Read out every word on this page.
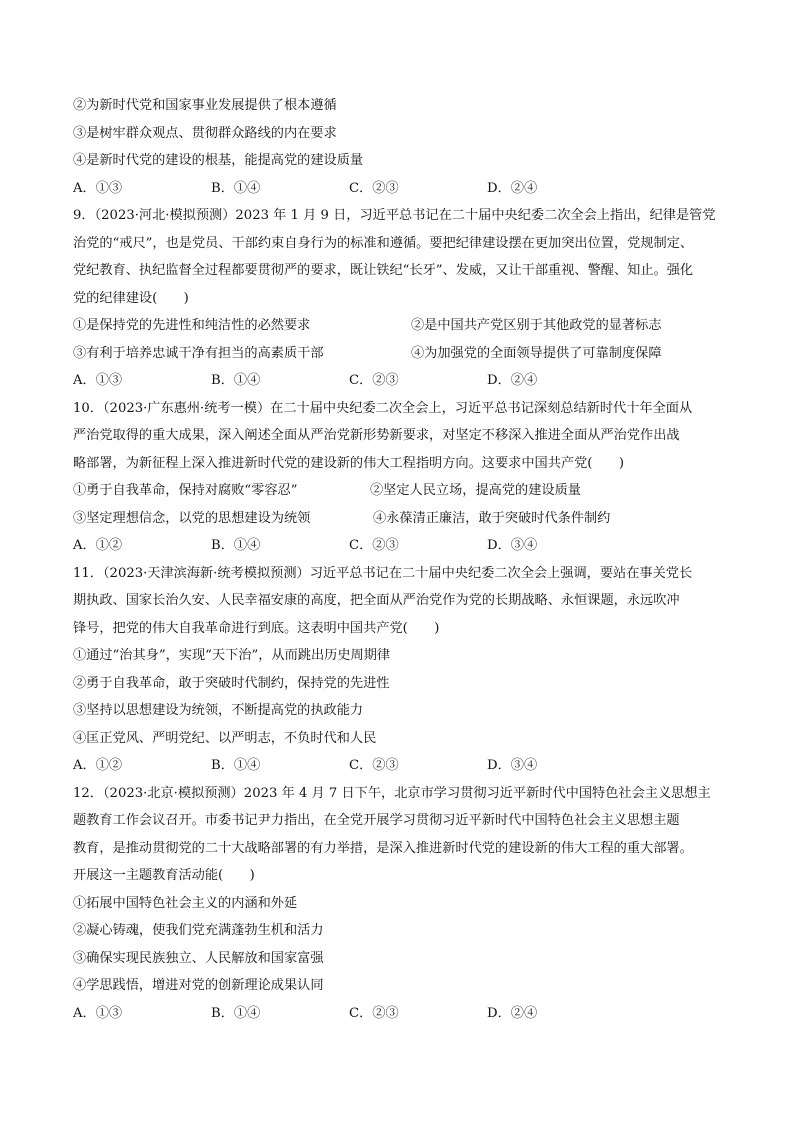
②为新时代党和国家事业发展提供了根本遵循
③是树牢群众观点、贯彻群众路线的内在要求
④是新时代党的建设的根基，能提高党的建设质量
A．①③	B．①④	C．②③	D．②④
9．（2023·河北·模拟预测）2023 年 1 月 9 日，习近平总书记在二十届中央纪委二次全会上指出，纪律是管党
治党的“戒尺”，也是党员、干部约束自身行为的标准和遵循。要把纪律建设摆在更加突出位置，党规制定、
党纪教育、执纪监督全过程都要贯彻严的要求，既让铁纪“长牙”、发威，又让干部重视、警醒、知止。强化
党的纪律建设(　　)
①是保持党的先进性和纯洁性的必然要求	②是中国共产党区别于其他政党的显著标志
③有利于培养忠诚干净有担当的高素质干部	④为加强党的全面领导提供了可靠制度保障
A．①③	B．①④	C．②③	D．②④
10．（2023·广东惠州·统考一模）在二十届中央纪委二次全会上，习近平总书记深刻总结新时代十年全面从
严治党取得的重大成果，深入阐述全面从严治党新形势新要求，对坚定不移深入推进全面从严治党作出战
略部署，为新征程上深入推进新时代党的建设新的伟大工程指明方向。这要求中国共产党(　　)
①勇于自我革命，保持对腐败“零容忍”	②坚定人民立场，提高党的建设质量
③坚定理想信念，以党的思想建设为统领	④永葆清正廉洁，敢于突破时代条件制约
A．①②	B．①④	C．②③	D．③④
11．（2023·天津滨海新·统考模拟预测）习近平总书记在二十届中央纪委二次全会上强调，要站在事关党长
期执政、国家长治久安、人民幸福安康的高度，把全面从严治党作为党的长期战略、永恒课题，永远吹冲
锋号，把党的伟大自我革命进行到底。这表明中国共产党(　　)
①通过“治其身”，实现“天下治”，从而跳出历史周期律
②勇于自我革命，敢于突破时代制约，保持党的先进性
③坚持以思想建设为统领，不断提高党的执政能力
④匡正党风、严明党纪、以严明志，不负时代和人民
A．①②	B．①④	C．②③	D．③④
12．（2023·北京·模拟预测）2023 年 4 月 7 日下午，北京市学习贯彻习近平新时代中国特色社会主义思想主
题教育工作会议召开。市委书记尹力指出，在全党开展学习贯彻习近平新时代中国特色社会主义思想主题
教育，是推动贯彻党的二十大战略部署的有力举措，是深入推进新时代党的建设新的伟大工程的重大部署。
开展这一主题教育活动能(　　)
①拓展中国特色社会主义的内涵和外延
②凝心铸魂，使我们党充满蓬勃生机和活力
③确保实现民族独立、人民解放和国家富强
④学思践悟，增进对党的创新理论成果认同
A．①③	B．①④	C．②③	D．②④
